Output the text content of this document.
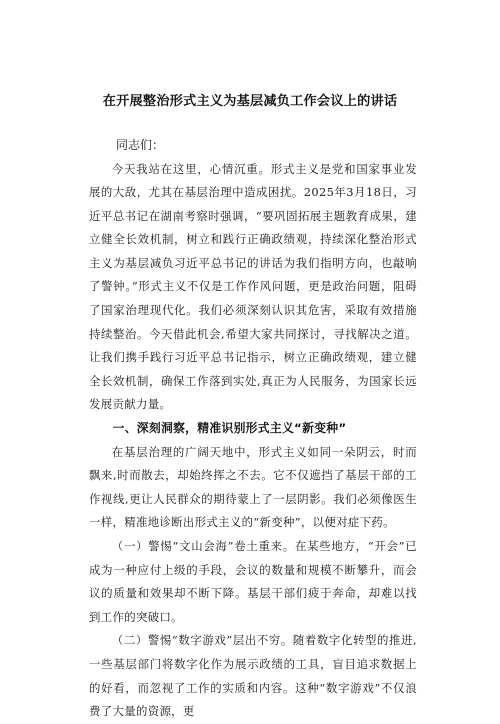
在开展整治形式主义为基层减负工作会议上的讲话
同志们：

今天我站在这里，心情沉重。形式主义是党和国家事业发展的大敌，尤其在基层治理中造成困扰。2025年3月18日，习近平总书记在湖南考察时强调，“要巩固拓展主题教育成果，建立健全长效机制，树立和践行正确政绩观，持续深化整治形式主义为基层减负习近平总书记的讲话为我们指明方向，也敲响了警钟。”形式主义不仅是工作作风问题，更是政治问题，阻碍了国家治理现代化。我们必须深刻认识其危害，采取有效措施持续整治。今天借此机会,希望大家共同探讨，寻找解决之道。让我们携手践行习近平总书记指示，树立正确政绩观，建立健全长效机制，确保工作落到实处,真正为人民服务，为国家长远发展贡献力量。

一、深刻洞察，精准识别形式主义“新变种”

在基层治理的广阔天地中，形式主义如同一朵阴云，时而飘来,时而散去，却始终挥之不去。它不仅遮挡了基层干部的工作视线,更让人民群众的期待蒙上了一层阴影。我们必须像医生一样，精准地诊断出形式主义的“新变种”，以便对症下药。

（一）警惕“文山会海”卷土重来。在某些地方，“开会”已成为一种应付上级的手段，会议的数量和规模不断攀升，而会议的质量和效果却不断下降。基层干部们疲于奔命，却难以找到工作的突破口。

（二）警惕“数字游戏”层出不穷。随着数字化转型的推进,一些基层部门将数字化作为展示政绩的工具，盲目追求数据上的好看，而忽视了工作的实质和内容。这种“数字游戏”不仅浪费了大量的资源，更
